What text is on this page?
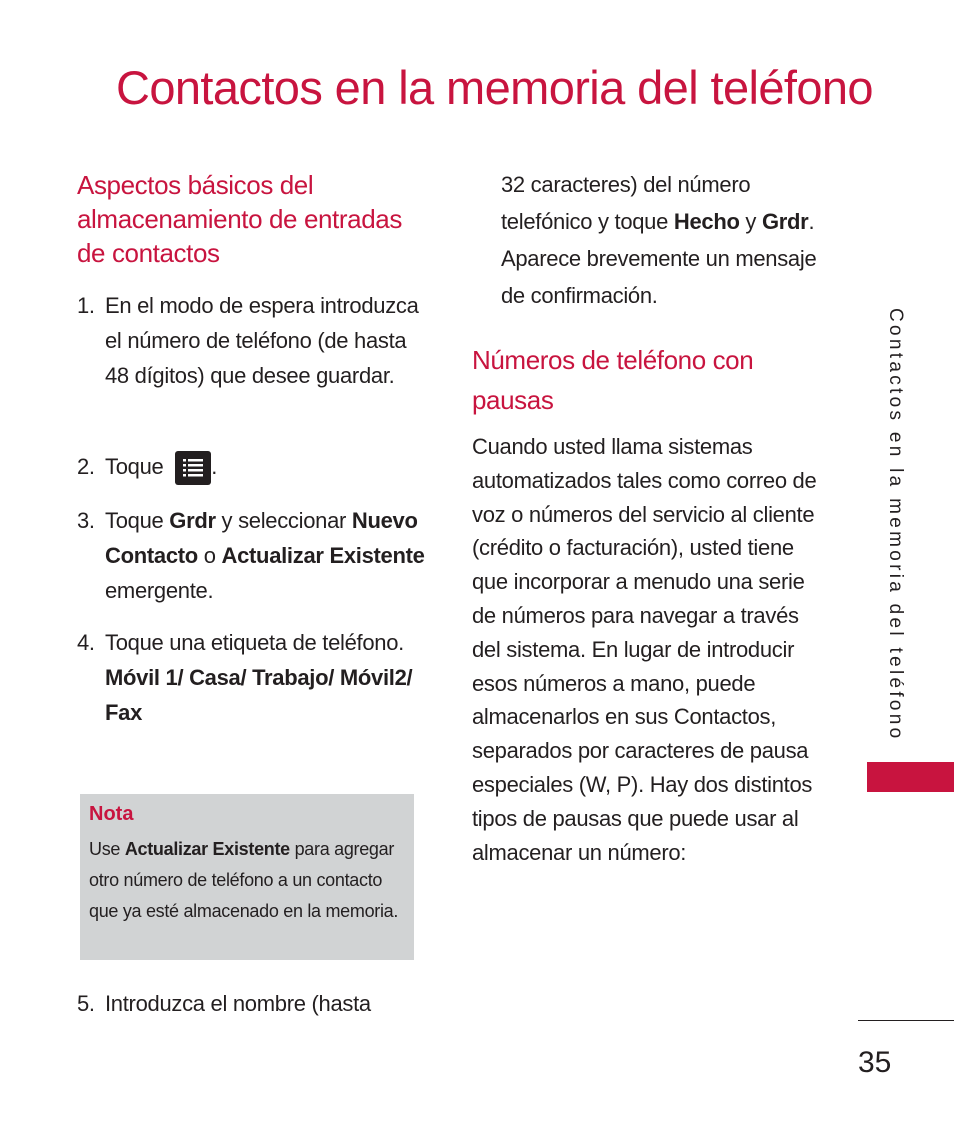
Contactos en la memoria del teléfono
Aspectos básicos del almacenamiento de entradas de contactos
1. En el modo de espera introduzca el número de teléfono (de hasta 48 dígitos) que desee guardar.
2. Toque .
3. Toque Grdr y seleccionar Nuevo Contacto o Actualizar Existente emergente.
4. Toque una etiqueta de teléfono.
Móvil 1/ Casa/ Trabajo/ Móvil2/ Fax
Nota
Use Actualizar Existente para agregar otro número de teléfono a un contacto que ya esté almacenado en la memoria.
5. Introduzca el nombre (hasta
32 caracteres) del número telefónico y toque Hecho y Grdr. Aparece brevemente un mensaje de confirmación.
Números de teléfono con pausas
Cuando usted llama sistemas automatizados tales como correo de voz o números del servicio al cliente (crédito o facturación), usted tiene que incorporar a menudo una serie de números para navegar a través del sistema. En lugar de introducir esos números a mano, puede almacenarlos en sus Contactos, separados por caracteres de pausa especiales (W, P). Hay dos distintos tipos de pausas que puede usar al almacenar un número:
Contactos en la memoria del teléfono
35
